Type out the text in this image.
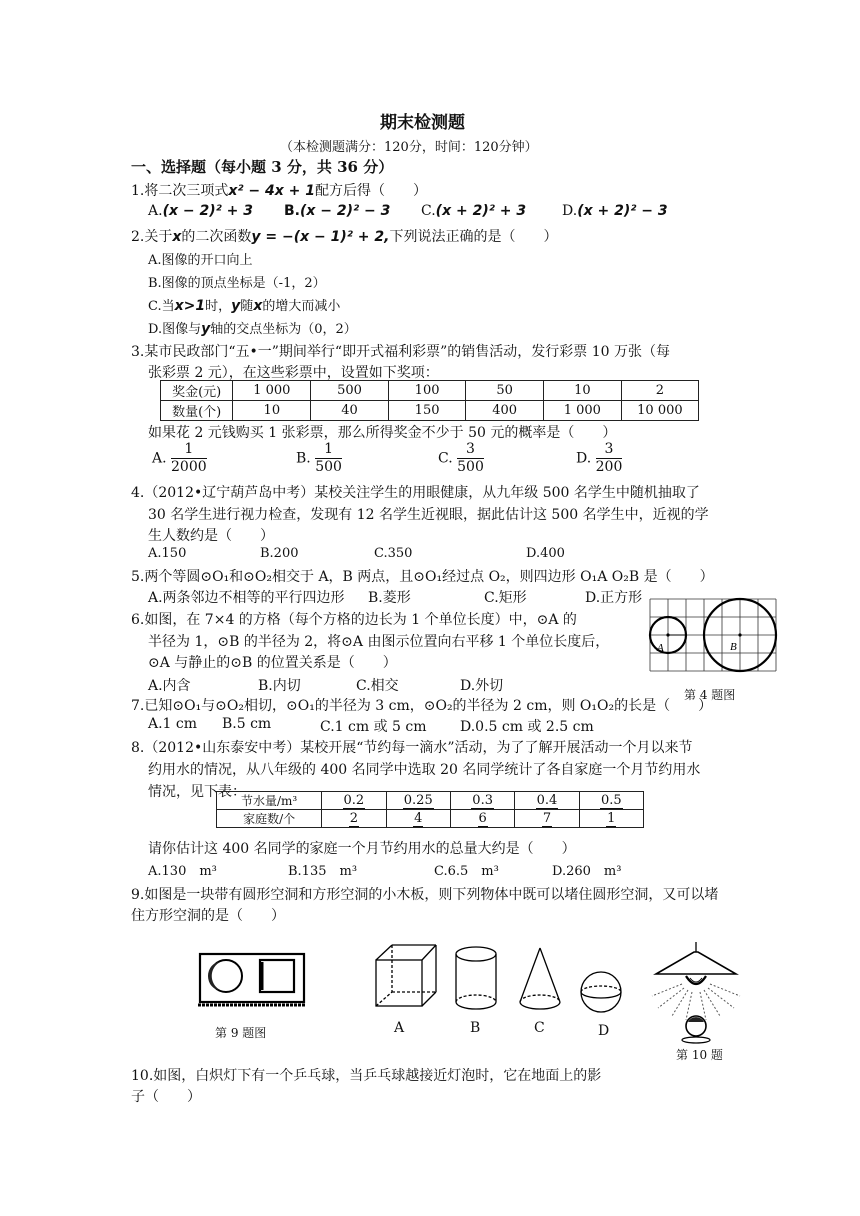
期末检测题
（本检测题满分：120分，时间：120分钟）
一、选择题（每小题 3 分，共 36 分）
1.将二次三项式x² − 4x + 1配方后得（　　）
A.(x − 2)² + 3 B.(x − 2)² − 3 C.(x + 2)² + 3	D.(x + 2)² − 3
2.关于x的二次函数y = −(x − 1)² + 2,下列说法正确的是（　　）
A.图像的开口向上
B.图像的顶点坐标是（-1，2）
C.当x>1时，y随x的增大而减小
D.图像与y轴的交点坐标为（0，2）
3.某市民政部门“五•一”期间举行“即开式福利彩票”的销售活动，发行彩票 10 万张（每
张彩票 2 元），在这些彩票中，设置如下奖项：
奖金(元)	1 000	500	100	50	10	2
数量(个)	10	40	150	400	1 000	10 000
如果花 2 元钱购买 1 张彩票，那么所得奖金不少于 50 元的概率是（　　）
A. $\frac{1}{2000}$	B. $\frac{1}{500}$	C. $\frac{3}{500}$	D. $\frac{3}{200}$
4.（2012•辽宁葫芦岛中考）某校关注学生的用眼健康，从九年级 500 名学生中随机抽取了
30 名学生进行视力检查，发现有 12 名学生近视眼，据此估计这 500 名学生中，近视的学
生人数约是（　　）
A.150	B.200	C.350	D.400
5.两个等圆⊙O₁和⊙O₂相交于 A，B 两点，且⊙O₁经过点 O₂，则四边形 O₁A O₂B 是（　　）
A.两条邻边不相等的平行四边形 B.菱形	C.矩形	D.正方形
6.如图，在 7×4 的方格（每个方格的边长为 1 个单位长度）中，⊙A 的
半径为 1，⊙B 的半径为 2，将⊙A 由图示位置向右平移 1 个单位长度后，
⊙A 与静止的⊙B 的位置关系是（　　）
A.内含	B.内切	C.相交	D.外切
A	B
第 4 题图
7.已知⊙O₁与⊙O₂相切，⊙O₁的半径为 3 cm，⊙O₂的半径为 2 cm，则 O₁O₂的长是（　　）
A.1 cm B.5 cm	C.1 cm 或 5 cm D.0.5 cm 或 2.5 cm
8.（2012•山东泰安中考）某校开展“节约每一滴水”活动，为了了解开展活动一个月以来节
约用水的情况，从八年级的 400 名同学中选取 20 名同学统计了各自家庭一个月节约用水
情况，见下表：
节水量/m³	0.2	0.25	0.3	0.4	0.5
家庭数/个	2	4	6	7	1
请你估计这 400 名同学的家庭一个月节约用水的总量大约是（　　）
A.130　m³	B.135　m³	C.6.5　m³	D.260　m³
9.如图是一块带有圆形空洞和方形空洞的小木板，则下列物体中既可以堵住圆形空洞，又可以堵
住方形空洞的是（　　）
第 9 题图	A	B	C	D
第 10 题
10.如图，白炽灯下有一个乒乓球，当乒乓球越接近灯泡时，它在地面上的影
子（　　）
